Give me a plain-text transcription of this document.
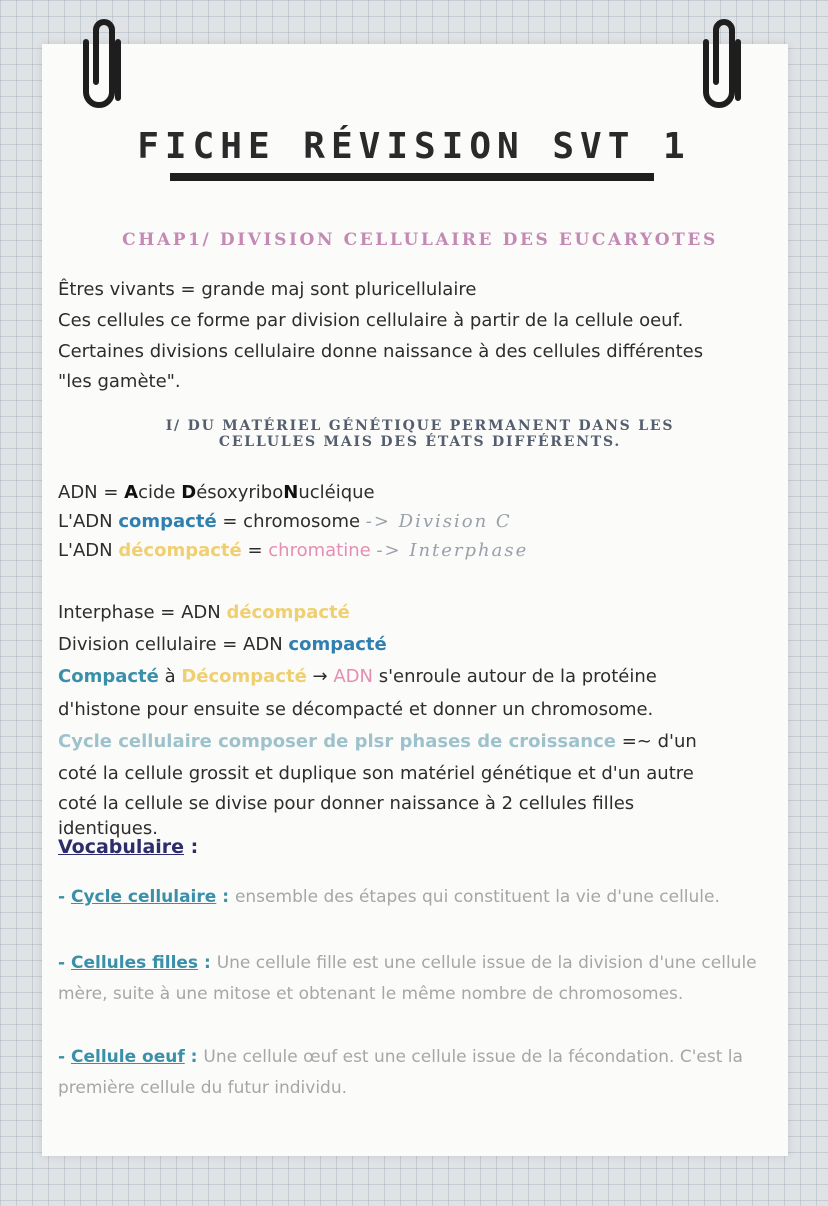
FICHE RÉVISION SVT 1
CHAP1/ DIVISION CELLULAIRE DES EUCARYOTES
Êtres vivants = grande maj sont pluricellulaire
Ces cellules ce forme par division cellulaire à partir de la cellule oeuf.
Certaines divisions cellulaire donne naissance à des cellules différentes
"les gamète".
I/ DU MATÉRIEL GÉNÉTIQUE PERMANENT DANS LES
CELLULES MAIS DES ÉTATS DIFFÉRENTS.
ADN = Acide DésoxyriboNucléique
L'ADN compacté = chromosome -> Division C
L'ADN décompacté = chromatine -> Interphase
Interphase = ADN décompacté
Division cellulaire = ADN compacté
Compacté à Décompacté → ADN s'enroule autour de la protéine
d'histone pour ensuite se décompacté et donner un chromosome.
Cycle cellulaire composer de plsr phases de croissance =~ d'un
coté la cellule grossit et duplique son matériel génétique et d'un autre
coté la cellule se divise pour donner naissance à 2 cellules filles
identiques.
Vocabulaire :
- Cycle cellulaire : ensemble des étapes qui constituent la vie d'une cellule.
- Cellules filles : Une cellule fille est une cellule issue de la division d'une cellule mère, suite à une mitose et obtenant le même nombre de chromosomes.
- Cellule oeuf : Une cellule œuf est une cellule issue de la fécondation. C'est la première cellule du futur individu.
